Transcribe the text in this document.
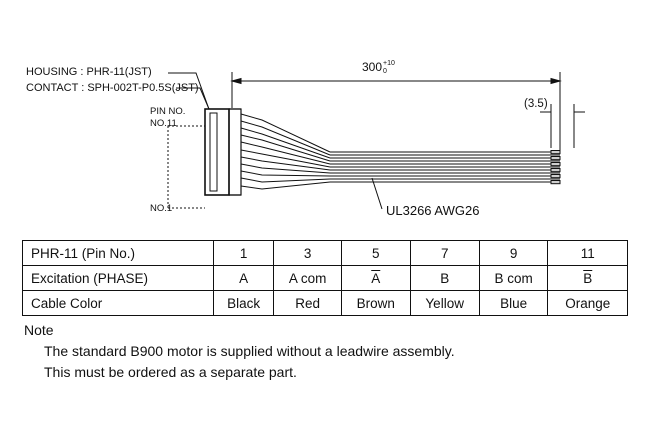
HOUSING : PHR-11(JST)
CONTACT : SPH-002T-P0.5S(JST)
PIN NO.
NO.11
NO.1
300 +10
0
(3.5)
UL3266 AWG26
PHR-11 (Pin No.)	1	3	5	7	9	11
Excitation (PHASE)	A	A com	$\overline{A}$	B	B com	$\overline{B}$
Cable Color	Black	Red	Brown	Yellow	Blue	Orange
Note
The standard B900 motor is supplied without a leadwire assembly.
This must be ordered as a separate part.
